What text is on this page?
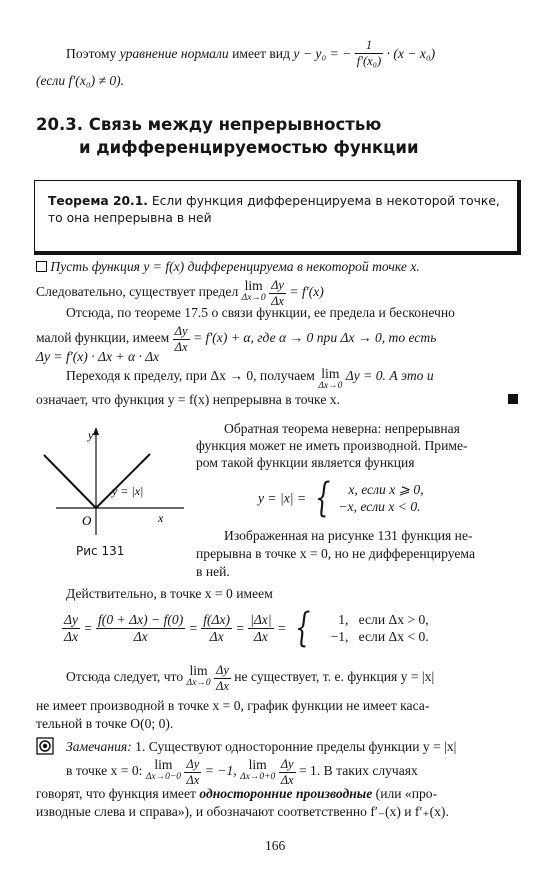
Поэтому уравнение нормали имеет вид y − y₀ = − $\frac{1}{\text{f′(x₀)}} \cdot (x - x_0)$
(если f′(x₀) ≠ 0).
20.3. Связь между непрерывностью
и дифференцируемостью функции
Теорема 20.1. Если функция дифференцируема в некоторой точке,
то она непрерывна в ней
Пусть функция y = f(x) дифференцируема в некоторой точке x.
Следовательно, существует предел lim
Δx→0
$\frac{\Delta y}{\Delta x} = f'(x)$
Отсюда, по теореме 17.5 о связи функции, ее предела и бесконечно
малой функции, имеем $\frac{\Delta y}{\Delta x} = f'(x) + \alpha$, где α → 0 при Δx → 0, то есть
Δy = f′(x) · Δx + α · Δx
Переходя к пределу, при Δx → 0, получаем lim
Δx→0
Δy = 0. А это и
означает, что функция y = f(x) непрерывна в точке x.
y
x
O
y = |x|
Рис 131
Обратная теорема неверна: непрерывная
функция может не иметь производной. Приме-
ром такой функции является функция
y = |x| = {	x, если x ⩾ 0,
−x, если x < 0.
Изображенная на рисунке 131 функция не-
прерывна в точке x = 0, но не дифференцируема
в ней.
Действительно, в точке x = 0 имеем
$\frac{\Delta y}{\Delta x} = \frac{f(0 + \Delta x) - f(0)}{\Delta x} = \frac{f(\Delta x)}{\Delta x} = \frac{|\Delta x|}{\Delta x}$ = {	1, если Δx > 0,
−1, если Δx < 0.
Отсюда следует, что lim
Δx→0
$\frac{\Delta y}{\Delta x}$ не существует, т. е. функция y = |x|
не имеет производной в точке x = 0, график функции не имеет каса-
тельной в точке O(0; 0).
Замечания: 1. Существуют односторонние пределы функции y = |x|
в точке x = 0: lim
Δx→0−0
$\frac{\Delta y}{\Delta x} = -1$, lim
Δx→0+0
$\frac{\Delta y}{\Delta x} = 1$. В таких случаях
говорят, что функция имеет односторонние производные (или «про-
изводные слева и справа»), и обозначают соответственно f′₋(x) и f′₊(x).
166
